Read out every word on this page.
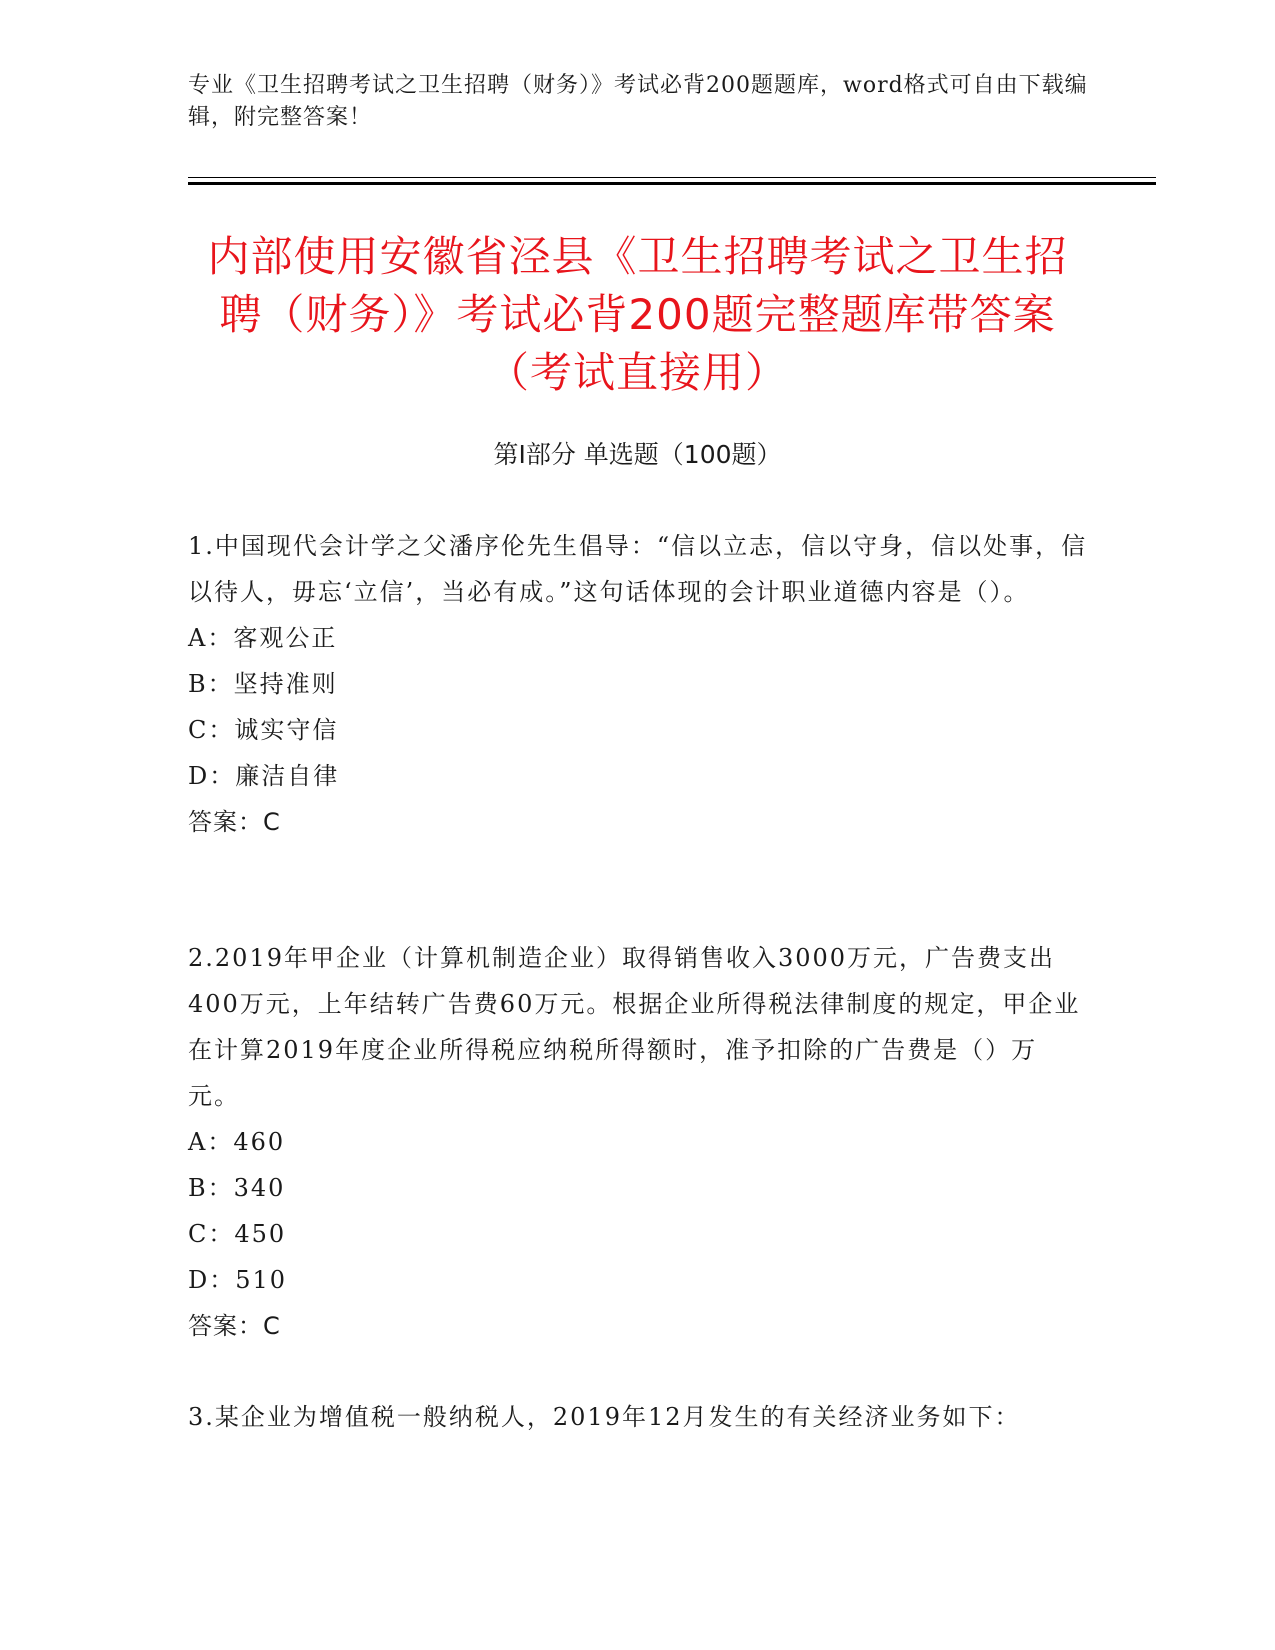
专业《卫生招聘考试之卫生招聘（财务）》考试必背200题题库，word格式可自由下载编辑，附完整答案！
内部使用安徽省泾县《卫生招聘考试之卫生招聘（财务）》考试必背200题完整题库带答案（考试直接用）
第I部分 单选题（100题）
1.中国现代会计学之父潘序伦先生倡导：“信以立志，信以守身，信以处事，信以待人，毋忘‘立信’，当必有成。”这句话体现的会计职业道德内容是（）。
A：客观公正
B：坚持准则
C：诚实守信
D：廉洁自律
答案：C
2.2019年甲企业（计算机制造企业）取得销售收入3000万元，广告费支出400万元，上年结转广告费60万元。根据企业所得税法律制度的规定，甲企业在计算2019年度企业所得税应纳税所得额时，准予扣除的广告费是（）万元。
A：460
B：340
C：450
D：510
答案：C
3.某企业为增值税一般纳税人，2019年12月发生的有关经济业务如下：
